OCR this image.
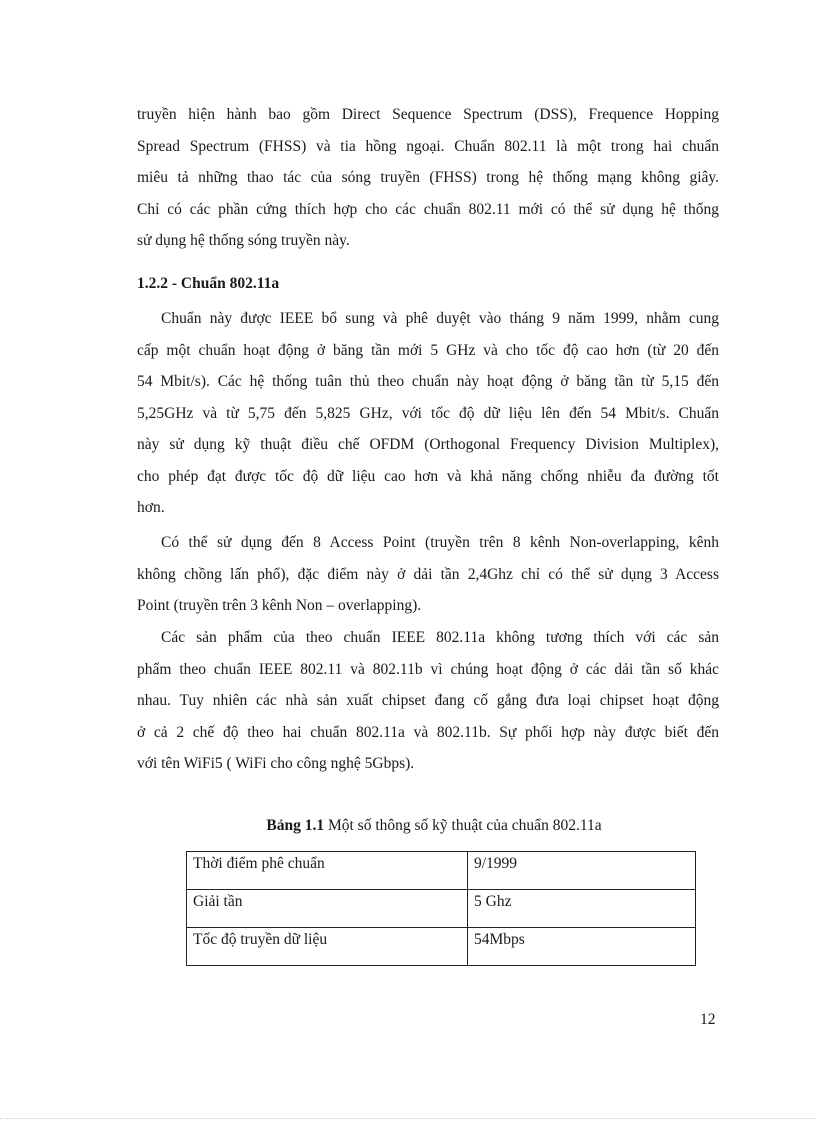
truyền hiện hành bao gồm Direct Sequence Spectrum (DSS), Frequence Hopping
Spread Spectrum (FHSS) và tia hồng ngoại. Chuẩn 802.11 là một trong hai chuẩn
miêu tả những thao tác của sóng truyền (FHSS) trong hệ thống mạng không giây.
Chỉ có các phần cứng thích hợp cho các chuẩn 802.11 mới có thể sử dụng hệ thống
sử dụng hệ thống sóng truyền này.
1.2.2 - Chuẩn 802.11a
Chuẩn này được IEEE bổ sung và phê duyệt vào tháng 9 năm 1999, nhằm cung
cấp một chuẩn hoạt động ở băng tần mới 5 GHz và cho tốc độ cao hơn (từ 20 đến
54 Mbit/s). Các hệ thống tuân thủ theo chuẩn này hoạt động ở băng tần từ 5,15 đến
5,25GHz và từ 5,75 đến 5,825 GHz, với tốc độ dữ liệu lên đến 54 Mbit/s. Chuẩn
này sử dụng kỹ thuật điều chế OFDM (Orthogonal Frequency Division Multiplex),
cho phép đạt được tốc độ dữ liệu cao hơn và khả năng chống nhiễu đa đường tốt
hơn.
Có thể sử dụng đến 8 Access Point (truyền trên 8 kênh Non-overlapping, kênh
không chồng lấn phổ), đặc điểm này ở dải tần 2,4Ghz chỉ có thể sử dụng 3 Access
Point (truyền trên 3 kênh Non – overlapping).
Các sản phẩm của theo chuẩn IEEE 802.11a không tương thích với các sản
phẩm theo chuẩn IEEE 802.11 và 802.11b vì chúng hoạt động ở các dải tần số khác
nhau. Tuy nhiên các nhà sản xuất chipset đang cố gắng đưa loại chipset hoạt động
ở cả 2 chế độ theo hai chuẩn 802.11a và 802.11b. Sự phối hợp này được biết đến
với tên WiFi5 ( WiFi cho công nghệ 5Gbps).

Bảng 1.1 Một số thông số kỹ thuật của chuẩn 802.11a

Thời điểm phê chuẩn	9/1999
Giải tần	5 Ghz
Tốc độ truyền dữ liệu	54Mbps

12
